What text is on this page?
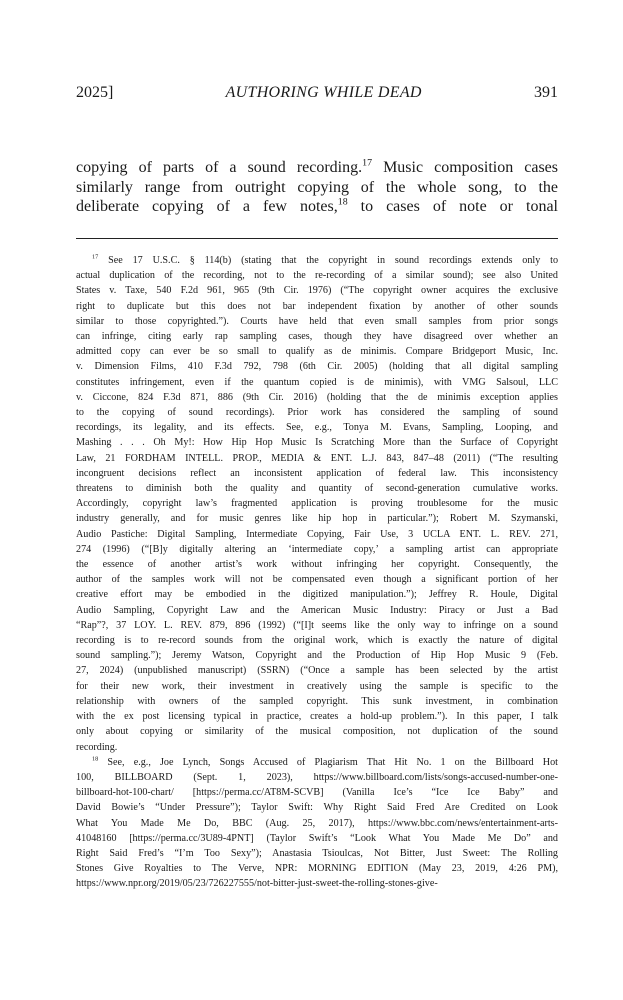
2025]	AUTHORING WHILE DEAD	391
copying of parts of a sound recording.$^{17}$ Music composition cases
similarly range from outright copying of the whole song, to the
deliberate copying of a few notes,$^{18}$ to cases of note or tonal
$^{17}$ See 17 U.S.C. § 114(b) (stating that the copyright in sound recordings extends only to
actual duplication of the recording, not to the re-recording of a similar sound); see also United
States v. Taxe, 540 F.2d 961, 965 (9th Cir. 1976) (“The copyright owner acquires the exclusive
right to duplicate but this does not bar independent fixation by another of other sounds
similar to those copyrighted.”). Courts have held that even small samples from prior songs
can infringe, citing early rap sampling cases, though they have disagreed over whether an
admitted copy can ever be so small to qualify as de minimis. Compare Bridgeport Music, Inc.
v. Dimension Films, 410 F.3d 792, 798 (6th Cir. 2005) (holding that all digital sampling
constitutes infringement, even if the quantum copied is de minimis), with VMG Salsoul, LLC
v. Ciccone, 824 F.3d 871, 886 (9th Cir. 2016) (holding that the de minimis exception applies
to the copying of sound recordings). Prior work has considered the sampling of sound
recordings, its legality, and its effects. See, e.g., Tonya M. Evans, Sampling, Looping, and
Mashing . . . Oh My!: How Hip Hop Music Is Scratching More than the Surface of Copyright
Law, 21 FORDHAM INTELL. PROP., MEDIA & ENT. L.J. 843, 847–48 (2011) (“The resulting
incongruent decisions reflect an inconsistent application of federal law. This inconsistency
threatens to diminish both the quality and quantity of second-generation cumulative works.
Accordingly, copyright law’s fragmented application is proving troublesome for the music
industry generally, and for music genres like hip hop in particular.”); Robert M. Szymanski,
Audio Pastiche: Digital Sampling, Intermediate Copying, Fair Use, 3 UCLA ENT. L. REV. 271,
274 (1996) (“[B]y digitally altering an ‘intermediate copy,’ a sampling artist can appropriate
the essence of another artist’s work without infringing her copyright. Consequently, the
author of the samples work will not be compensated even though a significant portion of her
creative effort may be embodied in the digitized manipulation.”); Jeffrey R. Houle, Digital
Audio Sampling, Copyright Law and the American Music Industry: Piracy or Just a Bad
“Rap”?, 37 LOY. L. REV. 879, 896 (1992) (“[I]t seems like the only way to infringe on a sound
recording is to re-record sounds from the original work, which is exactly the nature of digital
sound sampling.”); Jeremy Watson, Copyright and the Production of Hip Hop Music 9 (Feb.
27, 2024) (unpublished manuscript) (SSRN) (“Once a sample has been selected by the artist
for their new work, their investment in creatively using the sample is specific to the
relationship with owners of the sampled copyright. This sunk investment, in combination
with the ex post licensing typical in practice, creates a hold-up problem.”). In this paper, I talk
only about copying or similarity of the musical composition, not duplication of the sound
recording.
$^{18}$ See, e.g., Joe Lynch, Songs Accused of Plagiarism That Hit No. 1 on the Billboard Hot
100, BILLBOARD (Sept. 1, 2023), https://www.billboard.com/lists/songs-accused-number-one-
billboard-hot-100-chart/ [https://perma.cc/AT8M-SCVB] (Vanilla Ice’s “Ice Ice Baby” and
David Bowie’s “Under Pressure”); Taylor Swift: Why Right Said Fred Are Credited on Look
What You Made Me Do, BBC (Aug. 25, 2017), https://www.bbc.com/news/entertainment-arts-
41048160 [https://perma.cc/3U89-4PNT] (Taylor Swift’s “Look What You Made Me Do” and
Right Said Fred’s “I’m Too Sexy”); Anastasia Tsioulcas, Not Bitter, Just Sweet: The Rolling
Stones Give Royalties to The Verve, NPR: MORNING EDITION (May 23, 2019, 4:26 PM),
https://www.npr.org/2019/05/23/726227555/not-bitter-just-sweet-the-rolling-stones-give-
